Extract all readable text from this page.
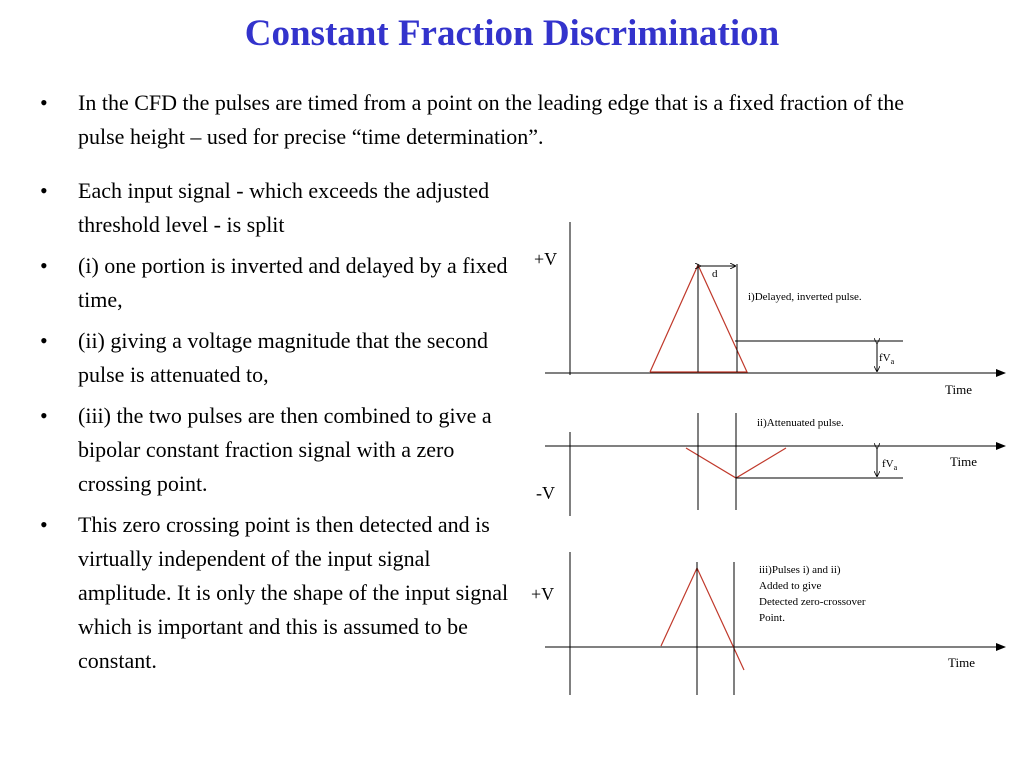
Constant Fraction Discrimination
• In the CFD the pulses are timed from a point on the leading edge that is a fixed fraction of the pulse height – used for precise “time determination”.
• Each input signal - which exceeds the adjusted threshold level - is split
• (i) one portion is inverted and delayed by a fixed time,
• (ii) giving a voltage magnitude that the second pulse is attenuated to,
• (iii) the two pulses are then combined to give a bipolar constant fraction signal with a zero crossing point.
• This zero crossing point is then detected and is virtually independent of the input signal amplitude. It is only the shape of the input signal which is important and this is assumed to be constant.
+V
d
i)Delayed, inverted pulse.
$fV_a$
Time
-V
ii)Attenuated pulse.
$fV_a$	Time
+V
iii)Pulses i) and ii)
Added to give
Detected zero-crossover
Point.
Time
